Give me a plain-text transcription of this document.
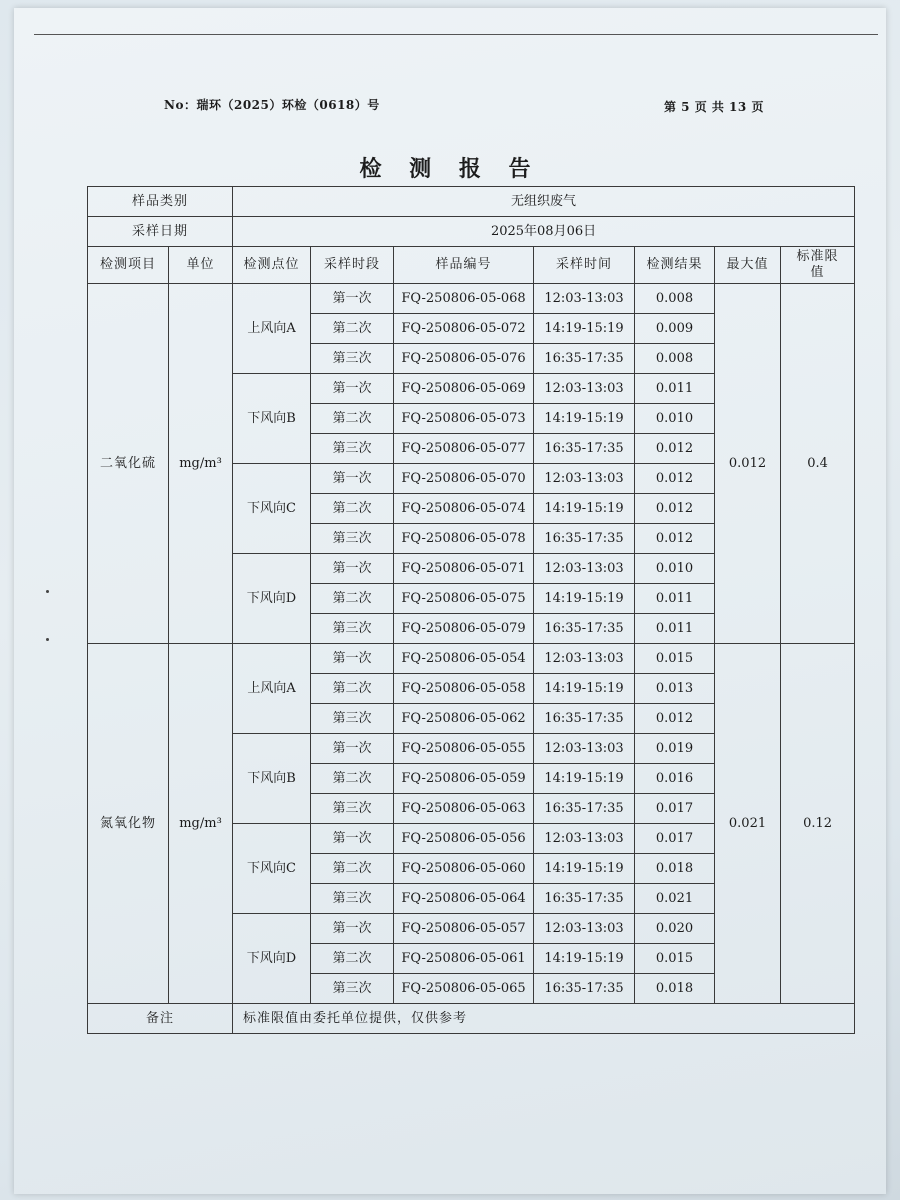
No：瑞环（2025）环检（0618）号	第 5 页 共 13 页
检 测 报 告
样品类别		无组织废气						
采样日期		2025年08月06日						
检测项目	单位	检测点位	采样时段	样品编号	采样时间	检测结果	最大值	标准限值
二氧化硫	mg/m³	上风向A	第一次	FQ-250806-05-068	12:03-13:03	0.008	0.012	0.4
			第二次	FQ-250806-05-072	14:19-15:19	0.009		
			第三次	FQ-250806-05-076	16:35-17:35	0.008		
		下风向B	第一次	FQ-250806-05-069	12:03-13:03	0.011		
			第二次	FQ-250806-05-073	14:19-15:19	0.010		
			第三次	FQ-250806-05-077	16:35-17:35	0.012		
		下风向C	第一次	FQ-250806-05-070	12:03-13:03	0.012		
			第二次	FQ-250806-05-074	14:19-15:19	0.012		
			第三次	FQ-250806-05-078	16:35-17:35	0.012		
		下风向D	第一次	FQ-250806-05-071	12:03-13:03	0.010		
			第二次	FQ-250806-05-075	14:19-15:19	0.011		
			第三次	FQ-250806-05-079	16:35-17:35	0.011		
氮氧化物	mg/m³	上风向A	第一次	FQ-250806-05-054	12:03-13:03	0.015	0.021	0.12
			第二次	FQ-250806-05-058	14:19-15:19	0.013		
			第三次	FQ-250806-05-062	16:35-17:35	0.012		
		下风向B	第一次	FQ-250806-05-055	12:03-13:03	0.019		
			第二次	FQ-250806-05-059	14:19-15:19	0.016		
			第三次	FQ-250806-05-063	16:35-17:35	0.017		
		下风向C	第一次	FQ-250806-05-056	12:03-13:03	0.017		
			第二次	FQ-250806-05-060	14:19-15:19	0.018		
			第三次	FQ-250806-05-064	16:35-17:35	0.021		
		下风向D	第一次	FQ-250806-05-057	12:03-13:03	0.020		
			第二次	FQ-250806-05-061	14:19-15:19	0.015		
			第三次	FQ-250806-05-065	16:35-17:35	0.018		
备注		标准限值由委托单位提供，仅供参考						
